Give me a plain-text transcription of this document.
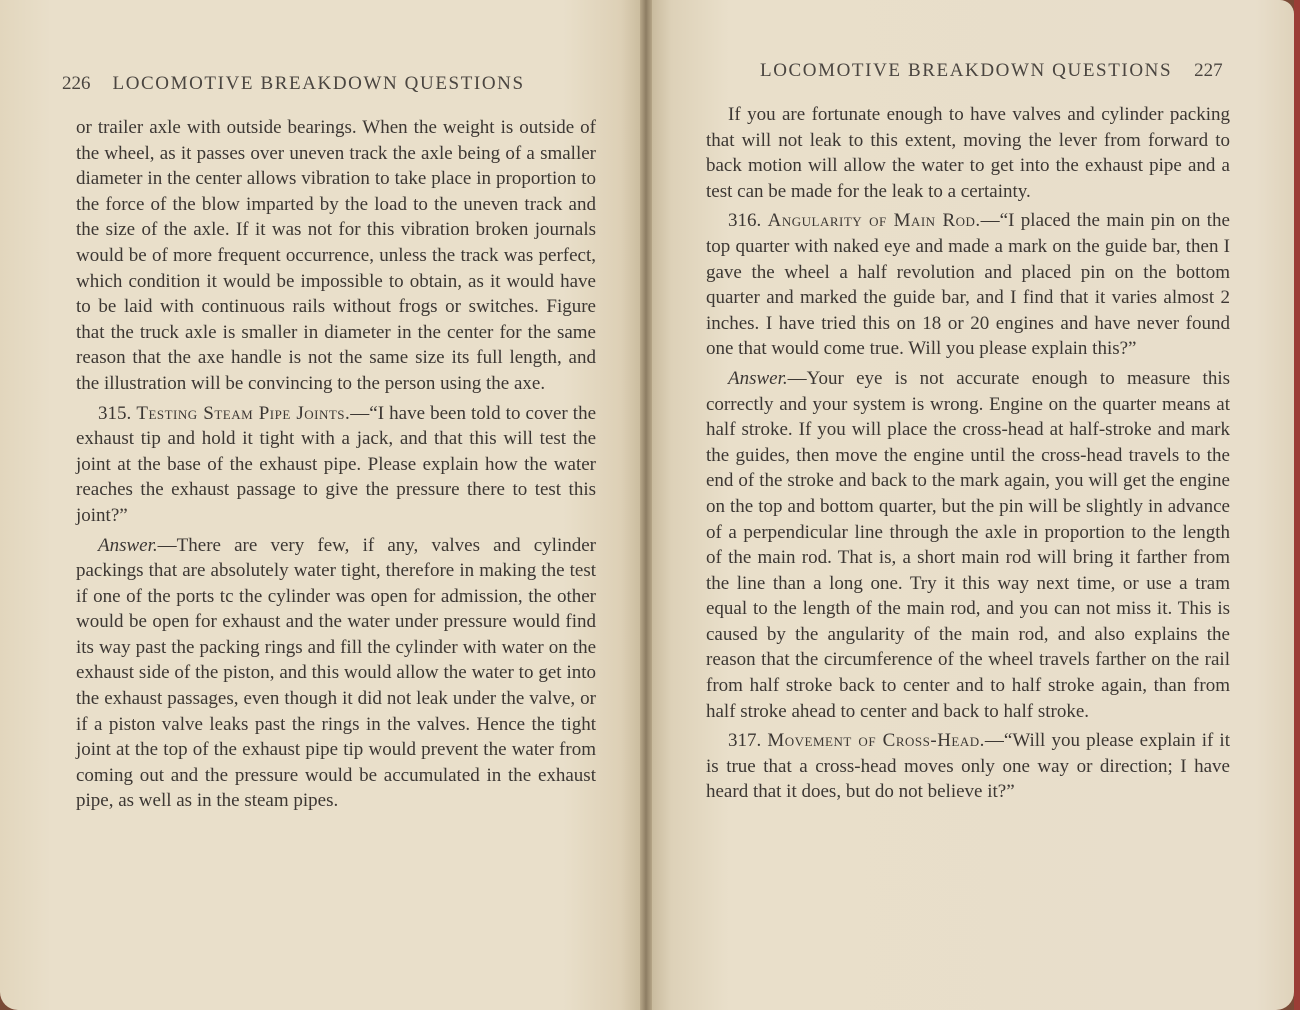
226 LOCOMOTIVE BREAKDOWN QUESTIONS

or trailer axle with outside bearings. When the weight is outside of the wheel, as it passes over uneven track the axle being of a smaller diameter in the center allows vibration to take place in proportion to the force of the blow imparted by the load to the uneven track and the size of the axle. If it was not for this vibration broken journals would be of more frequent occurrence, unless the track was perfect, which condition it would be impossible to obtain, as it would have to be laid with continuous rails without frogs or switches. Figure that the truck axle is smaller in diameter in the center for the same reason that the axe handle is not the same size its full length, and the illustration will be convincing to the person using the axe.

315. Testing Steam Pipe Joints.—“I have been told to cover the exhaust tip and hold it tight with a jack, and that this will test the joint at the base of the exhaust pipe. Please explain how the water reaches the exhaust passage to give the pressure there to test this joint?”

Answer.—There are very few, if any, valves and cylinder packings that are absolutely water tight, therefore in making the test if one of the ports tc the cylinder was open for admission, the other would be open for exhaust and the water under pressure would find its way past the packing rings and fill the cylinder with water on the exhaust side of the piston, and this would allow the water to get into the exhaust passages, even though it did not leak under the valve, or if a piston valve leaks past the rings in the valves. Hence the tight joint at the top of the exhaust pipe tip would prevent the water from coming out and the pressure would be accumulated in the exhaust pipe, as well as in the steam pipes.

LOCOMOTIVE BREAKDOWN QUESTIONS 227

If you are fortunate enough to have valves and cylinder packing that will not leak to this extent, moving the lever from forward to back motion will allow the water to get into the exhaust pipe and a test can be made for the leak to a certainty.

316. Angularity of Main Rod.—“I placed the main pin on the top quarter with naked eye and made a mark on the guide bar, then I gave the wheel a half revolution and placed pin on the bottom quarter and marked the guide bar, and I find that it varies almost 2 inches. I have tried this on 18 or 20 engines and have never found one that would come true. Will you please explain this?”

Answer.—Your eye is not accurate enough to measure this correctly and your system is wrong. Engine on the quarter means at half stroke. If you will place the cross-head at half-stroke and mark the guides, then move the engine until the cross-head travels to the end of the stroke and back to the mark again, you will get the engine on the top and bottom quarter, but the pin will be slightly in advance of a perpendicular line through the axle in proportion to the length of the main rod. That is, a short main rod will bring it farther from the line than a long one. Try it this way next time, or use a tram equal to the length of the main rod, and you can not miss it. This is caused by the angularity of the main rod, and also explains the reason that the circumference of the wheel travels farther on the rail from half stroke back to center and to half stroke again, than from half stroke ahead to center and back to half stroke.

317. Movement of Cross-Head.—“Will you please explain if it is true that a cross-head moves only one way or direction; I have heard that it does, but do not believe it?”
